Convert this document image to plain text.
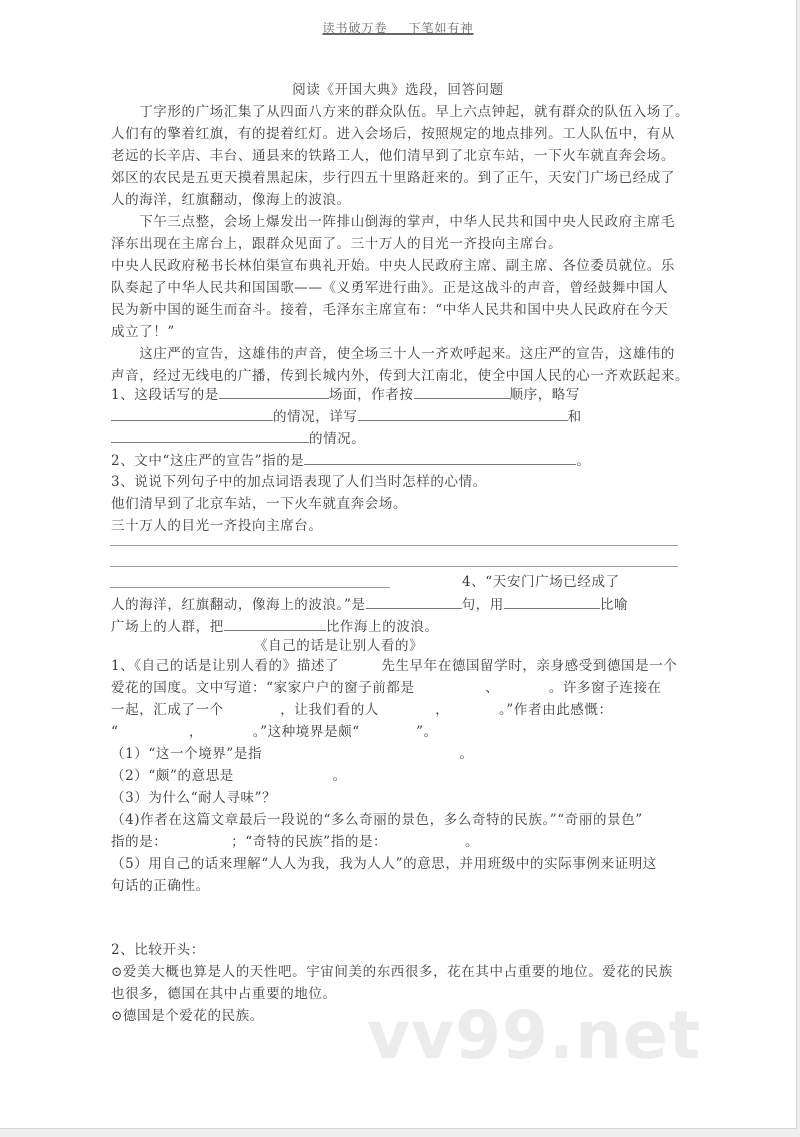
读书破万卷___下笔如有神
阅读《开国大典》选段，回答问题
　　丁字形的广场汇集了从四面八方来的群众队伍。早上六点钟起，就有群众的队伍入场了。
人们有的擎着红旗，有的提着红灯。进入会场后，按照规定的地点排列。工人队伍中，有从
老远的长辛店、丰台、通县来的铁路工人，他们清早到了北京车站，一下火车就直奔会场。
郊区的农民是五更天摸着黑起床，步行四五十里路赶来的。到了正午，天安门广场已经成了
人的海洋，红旗翻动，像海上的波浪。
　　下午三点整，会场上爆发出一阵排山倒海的掌声，中华人民共和国中央人民政府主席毛
泽东出现在主席台上，跟群众见面了。三十万人的目光一齐投向主席台。
中央人民政府秘书长林伯渠宣布典礼开始。中央人民政府主席、副主席、各位委员就位。乐
队奏起了中华人民共和国国歌——《义勇军进行曲》。正是这战斗的声音，曾经鼓舞中国人
民为新中国的诞生而奋斗。接着，毛泽东主席宣布：“中华人民共和国中央人民政府在今天
成立了！”
　　这庄严的宣告，这雄伟的声音，使全场三十人一齐欢呼起来。这庄严的宣告，这雄伟的
声音，经过无线电的广播，传到长城内外，传到大江南北，使全中国人民的心一齐欢跃起来。
1、这段话写的是	场面，作者按	顺序，略写
的情况，详写	和
的情况。
2、文中“这庄严的宣告”指的是	。
3、说说下列句子中的加点词语表现了人们当时怎样的心情。
他们清早到了北京车站，一下火车就直奔会场。
三十万人的目光一齐投向主席台。
4、“天安门广场已经成了
人的海洋，红旗翻动，像海上的波浪。”是	句，用	比喻
广场上的人群，把	比作海上的波浪。
《自己的话是让别人看的》
1、《自己的话是让别人看的》描述了　　　先生早年在德国留学时，亲身感受到德国是一个
爱花的国度。文中写道：“家家户户的窗子前都是　　　　　、　　　　。许多窗子连接在
一起，汇成了一个　　　　，让我们看的人　　　　，　　　　。”作者由此感慨：
“　　　　　，　　　　。”这种境界是颇“　　　　”。
（1）“这一个境界”是指　　　　　　　　　　　　　　。
（2）“颇”的意思是　　　　　　　。
（3）为什么“耐人寻味”？
（4)作者在这篇文章最后一段说的“多么奇丽的景色，多么奇特的民族。”“奇丽的景色”
指的是：　　　　　；“奇特的民族”指的是：　　　　　　。
（5）用自己的话来理解“人人为我，我为人人”的意思，并用班级中的实际事例来证明这
句话的正确性。
2、比较开头：
⊙爱美大概也算是人的天性吧。宇宙间美的东西很多，花在其中占重要的地位。爱花的民族
也很多，德国在其中占重要的地位。
⊙德国是个爱花的民族。 vv99.net
